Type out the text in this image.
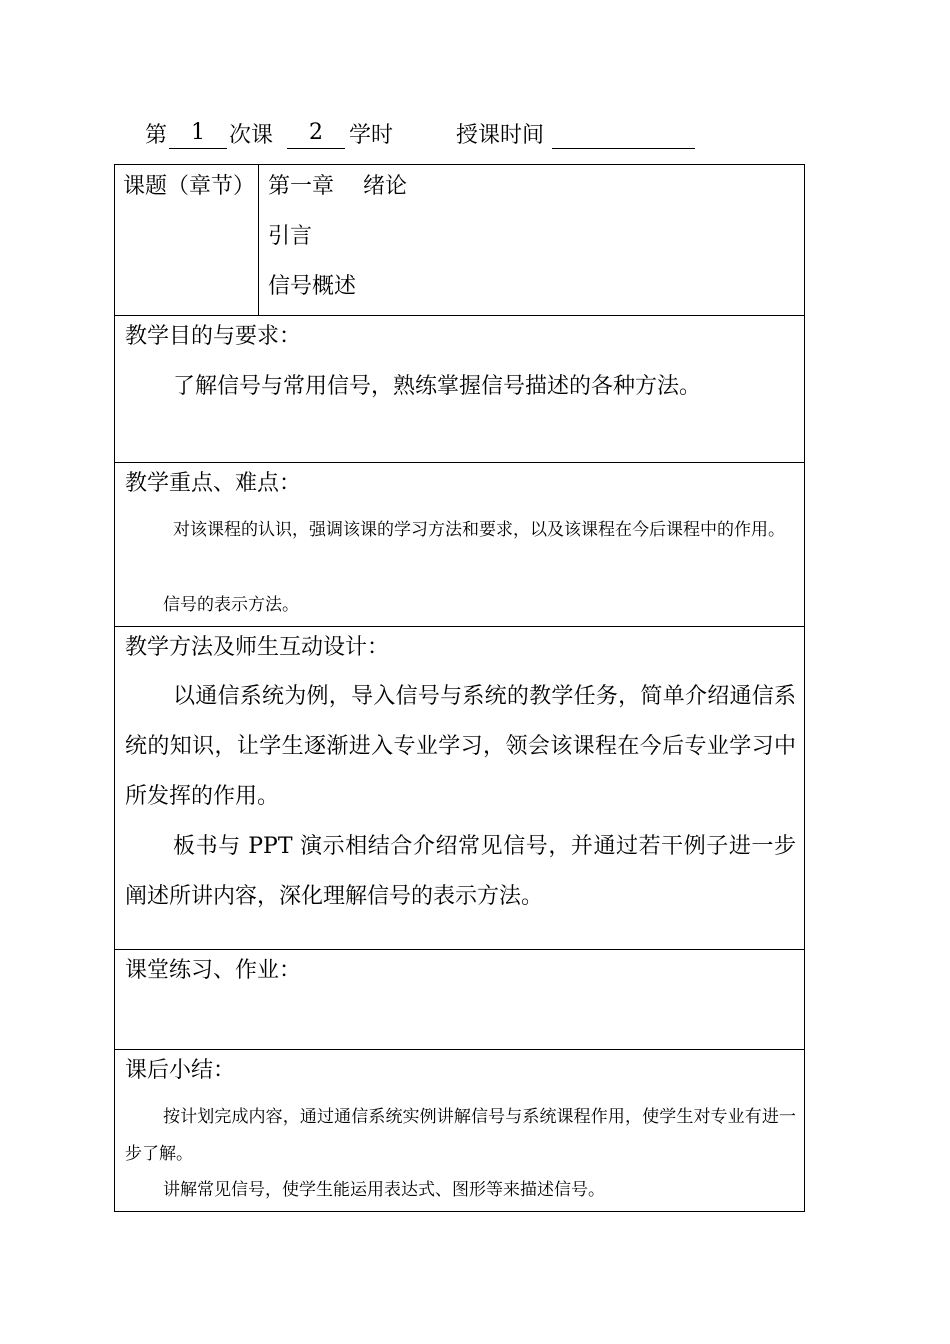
第	1	次课	2	学时	授课时间
课题（章节） 第一章　 绪论
引言
信号概述
教学目的与要求：
了解信号与常用信号，熟练掌握信号描述的各种方法。
教学重点、难点：
对该课程的认识，强调该课的学习方法和要求，以及该课程在今后课程中的作用。
信号的表示方法。
教学方法及师生互动设计：
以通信系统为例，导入信号与系统的教学任务，简单介绍通信系统的知识，让学生逐渐进入专业学习，领会该课程在今后专业学习中所发挥的作用。
板书与 PPT 演示相结合介绍常见信号，并通过若干例子进一步阐述所讲内容，深化理解信号的表示方法。
课堂练习、作业：
课后小结：
按计划完成内容，通过通信系统实例讲解信号与系统课程作用，使学生对专业有进一步了解。
讲解常见信号，使学生能运用表达式、图形等来描述信号。
